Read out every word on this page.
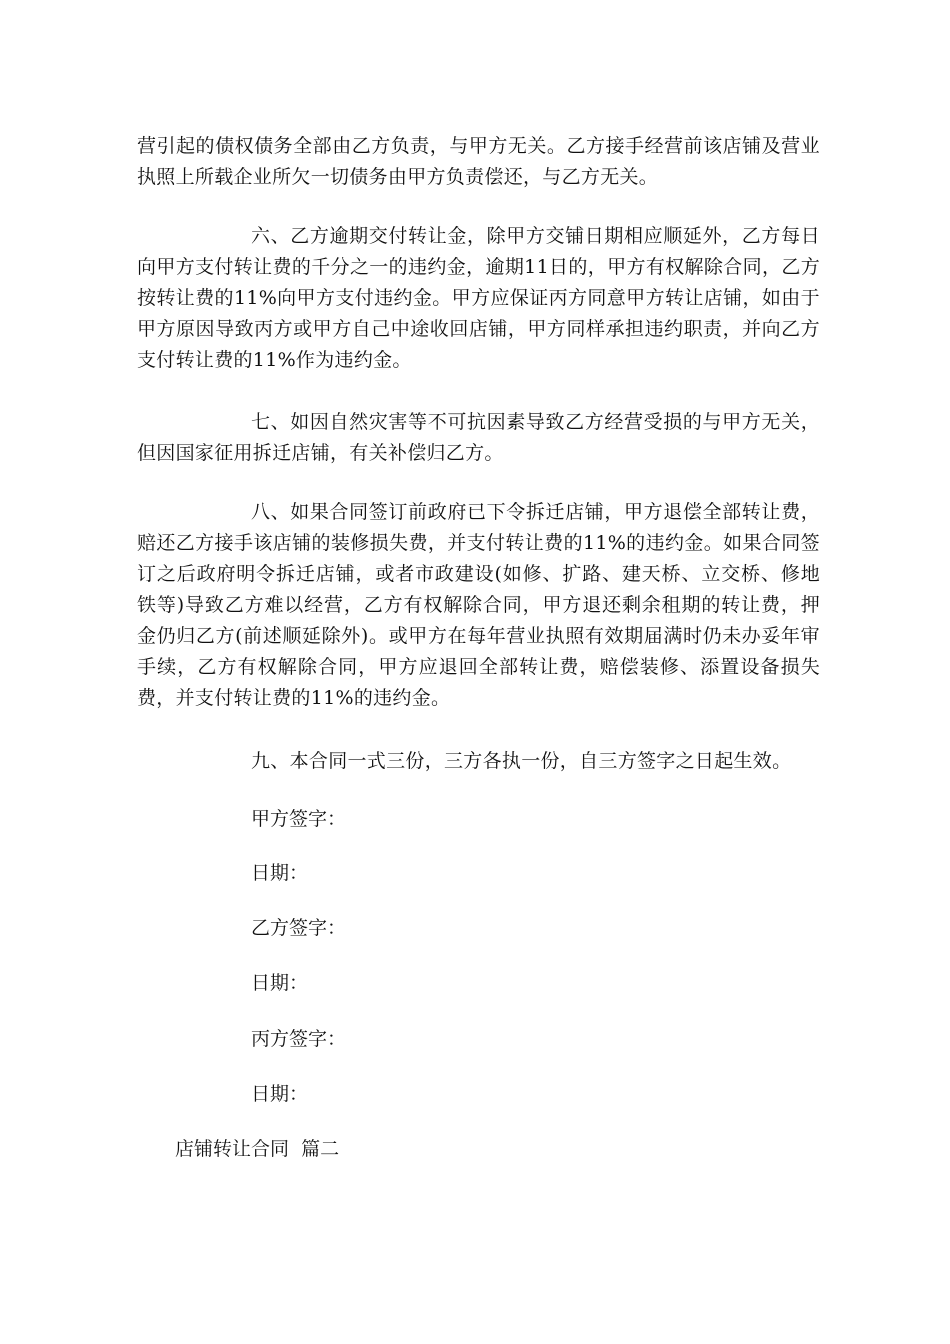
营引起的债权债务全部由乙方负责，与甲方无关。乙方接手经营前该店铺及营业执照上所载企业所欠一切债务由甲方负责偿还，与乙方无关。

六、乙方逾期交付转让金，除甲方交铺日期相应顺延外，乙方每日向甲方支付转让费的千分之一的违约金，逾期11日的，甲方有权解除合同，乙方按转让费的11%向甲方支付违约金。甲方应保证丙方同意甲方转让店铺，如由于甲方原因导致丙方或甲方自己中途收回店铺，甲方同样承担违约职责，并向乙方支付转让费的11%作为违约金。

七、如因自然灾害等不可抗因素导致乙方经营受损的与甲方无关，但因国家征用拆迁店铺，有关补偿归乙方。

八、如果合同签订前政府已下令拆迁店铺，甲方退偿全部转让费，赔还乙方接手该店铺的装修损失费，并支付转让费的11%的违约金。如果合同签订之后政府明令拆迁店铺，或者市政建设(如修、扩路、建天桥、立交桥、修地铁等)导致乙方难以经营，乙方有权解除合同，甲方退还剩余租期的转让费，押金仍归乙方(前述顺延除外)。或甲方在每年营业执照有效期届满时仍未办妥年审手续，乙方有权解除合同，甲方应退回全部转让费，赔偿装修、添置设备损失费，并支付转让费的11%的违约金。

九、本合同一式三份，三方各执一份，自三方签字之日起生效。

甲方签字：

日期：

乙方签字：

日期：

丙方签字：

日期：

店铺转让合同  篇二
